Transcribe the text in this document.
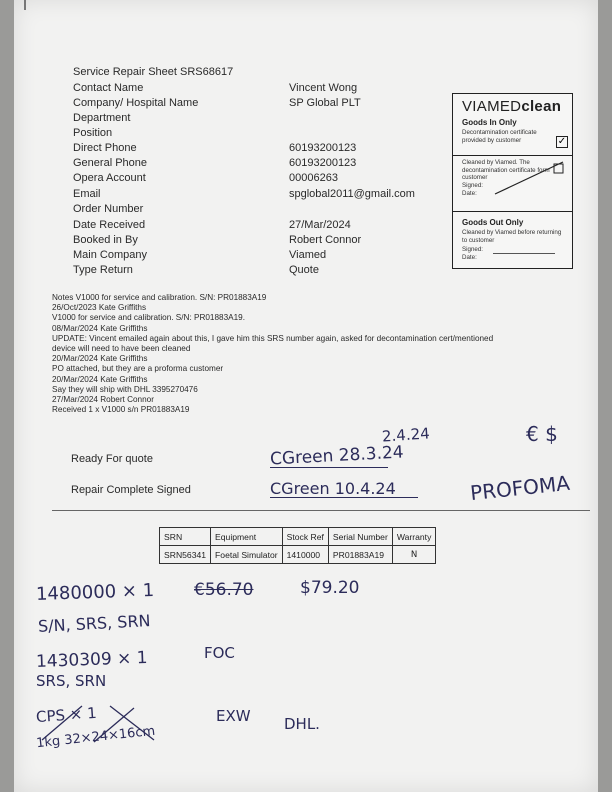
Service Repair Sheet SRS68617
Contact Name	Vincent Wong
Company/ Hospital Name	SP Global PLT
Department
Position
Direct Phone	60193200123
General Phone	60193200123
Opera Account	00006263
Email	spglobal2011@gmail.com
Order Number
Date Received	27/Mar/2024
Booked in By	Robert Connor
Main Company	Viamed
Type Return	Quote
VIAMEDclean
Goods In Only
Decontamination certificate provided by customer	✓
Cleaned by Viamed. The decontamination certificate form customer
Signed:
Date:
Goods Out Only
Cleaned by Viamed before returning to customer
Signed:
Date:
Notes V1000 for service and calibration. S/N: PR01883A19
26/Oct/2023 Kate Griffiths
V1000 for service and calibration. S/N: PR01883A19.
08/Mar/2024 Kate Griffiths
UPDATE: Vincent emailed again about this, I gave him this SRS number again, asked for decontamination cert/mentioned
device will need to have been cleaned
20/Mar/2024 Kate Griffiths
PO attached, but they are a proforma customer
20/Mar/2024 Kate Griffiths
Say they will ship with DHL 3395270476
27/Mar/2024 Robert Connor
Received 1 x V1000 s/n PR01883A19
2.4.24	€ $
Ready For quote	CGreen 28.3.24
Repair Complete Signed	CGreen 10.4.24	PROFOMA
SRN	Equipment	Stock Ref	Serial Number	Warranty
SRN56341	Foetal Simulator	1410000	PR01883A19	N
1480000 × 1 €56.70	$79.20
S/N, SRS, SRN
1430309 × 1	FOC
SRS, SRN
CPS × 1
1kg 32×24×16cm
EXW DHL.
